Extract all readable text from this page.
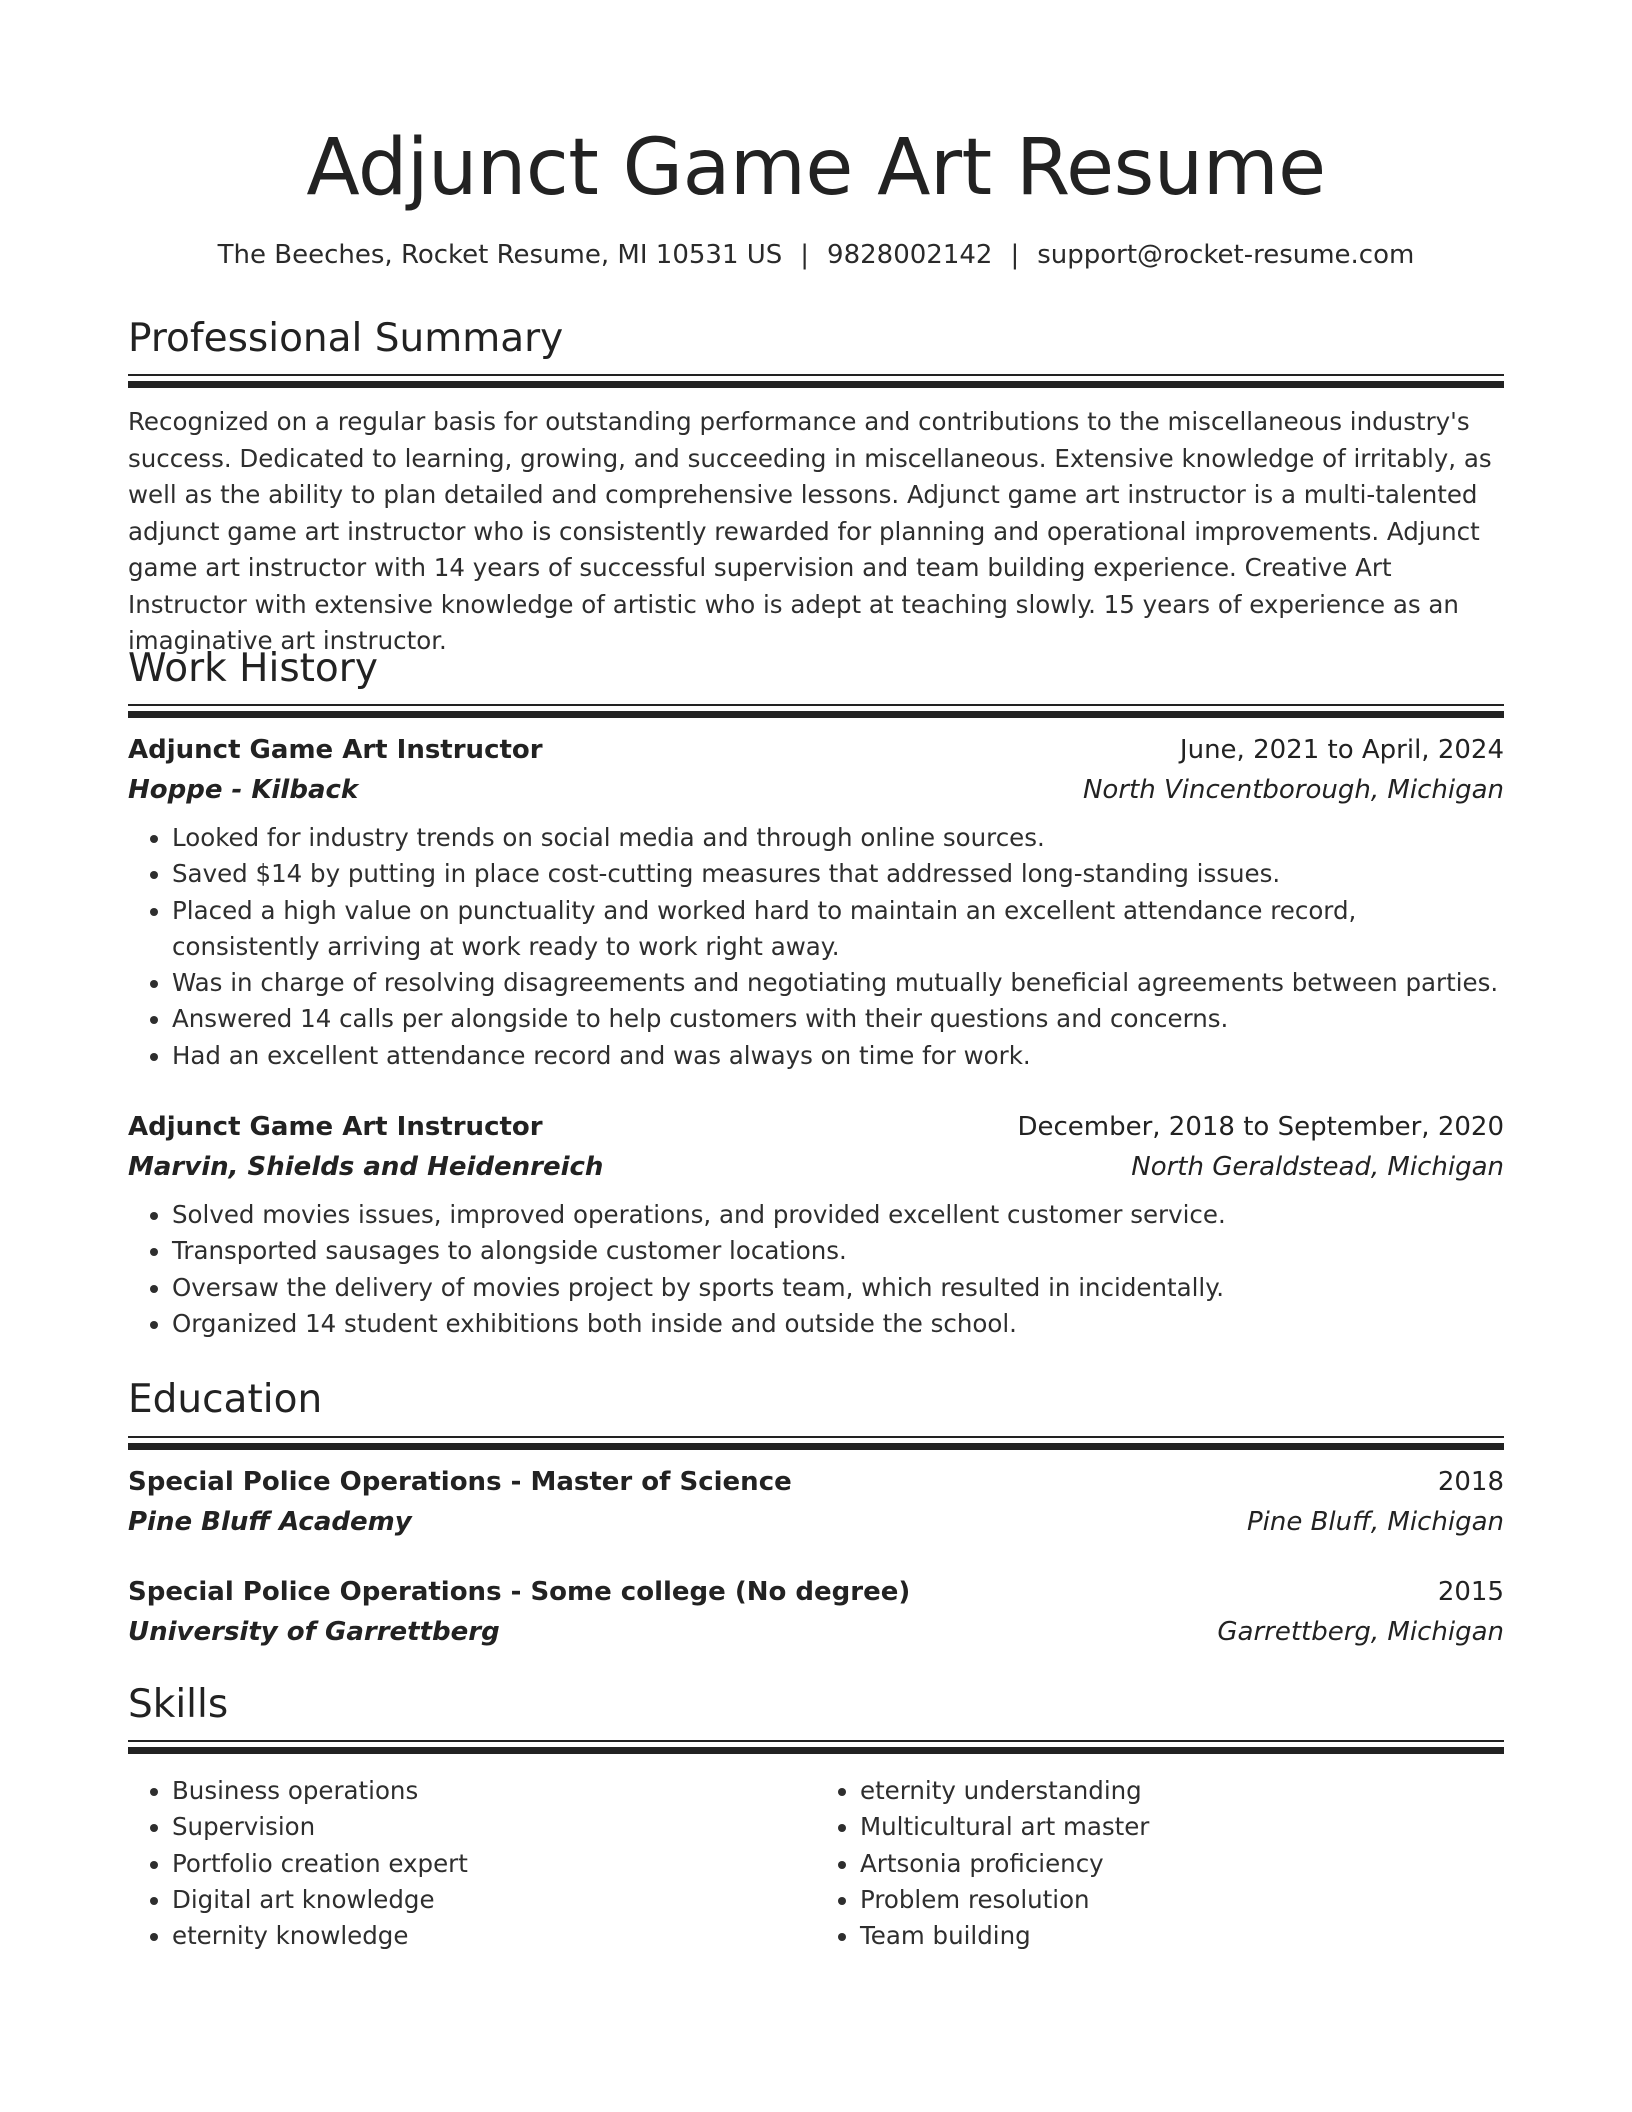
Adjunct Game Art Resume
The Beeches, Rocket Resume, MI 10531 US | 9828002142 | support@rocket-resume.com
Professional Summary

Recognized on a regular basis for outstanding performance and contributions to the miscellaneous industry's success. Dedicated to learning, growing, and succeeding in miscellaneous. Extensive knowledge of irritably, as well as the ability to plan detailed and comprehensive lessons. Adjunct game art instructor is a multi-talented adjunct game art instructor who is consistently rewarded for planning and operational improvements. Adjunct game art instructor with 14 years of successful supervision and team building experience. Creative Art Instructor with extensive knowledge of artistic who is adept at teaching slowly. 15 years of experience as an imaginative art instructor.

Work History
Adjunct Game Art Instructor	June, 2021 to April, 2024
Hoppe - Kilback	North Vincentborough, Michigan
• Looked for industry trends on social media and through online sources.
• Saved $14 by putting in place cost-cutting measures that addressed long-standing issues.
• Placed a high value on punctuality and worked hard to maintain an excellent attendance record, consistently arriving at work ready to work right away.
• Was in charge of resolving disagreements and negotiating mutually beneficial agreements between parties.
• Answered 14 calls per alongside to help customers with their questions and concerns.
• Had an excellent attendance record and was always on time for work.
Adjunct Game Art Instructor	December, 2018 to September, 2020
Marvin, Shields and Heidenreich	North Geraldstead, Michigan
• Solved movies issues, improved operations, and provided excellent customer service.
• Transported sausages to alongside customer locations.
• Oversaw the delivery of movies project by sports team, which resulted in incidentally.
• Organized 14 student exhibitions both inside and outside the school.
Education
Special Police Operations - Master of Science	2018
Pine Bluff Academy	Pine Bluff, Michigan
Special Police Operations - Some college (No degree)	2015
University of Garrettberg	Garrettberg, Michigan
Skills
• Business operations
• Supervision
• Portfolio creation expert
• Digital art knowledge
• eternity knowledge
• eternity understanding
• Multicultural art master
• Artsonia proficiency
• Problem resolution
• Team building
